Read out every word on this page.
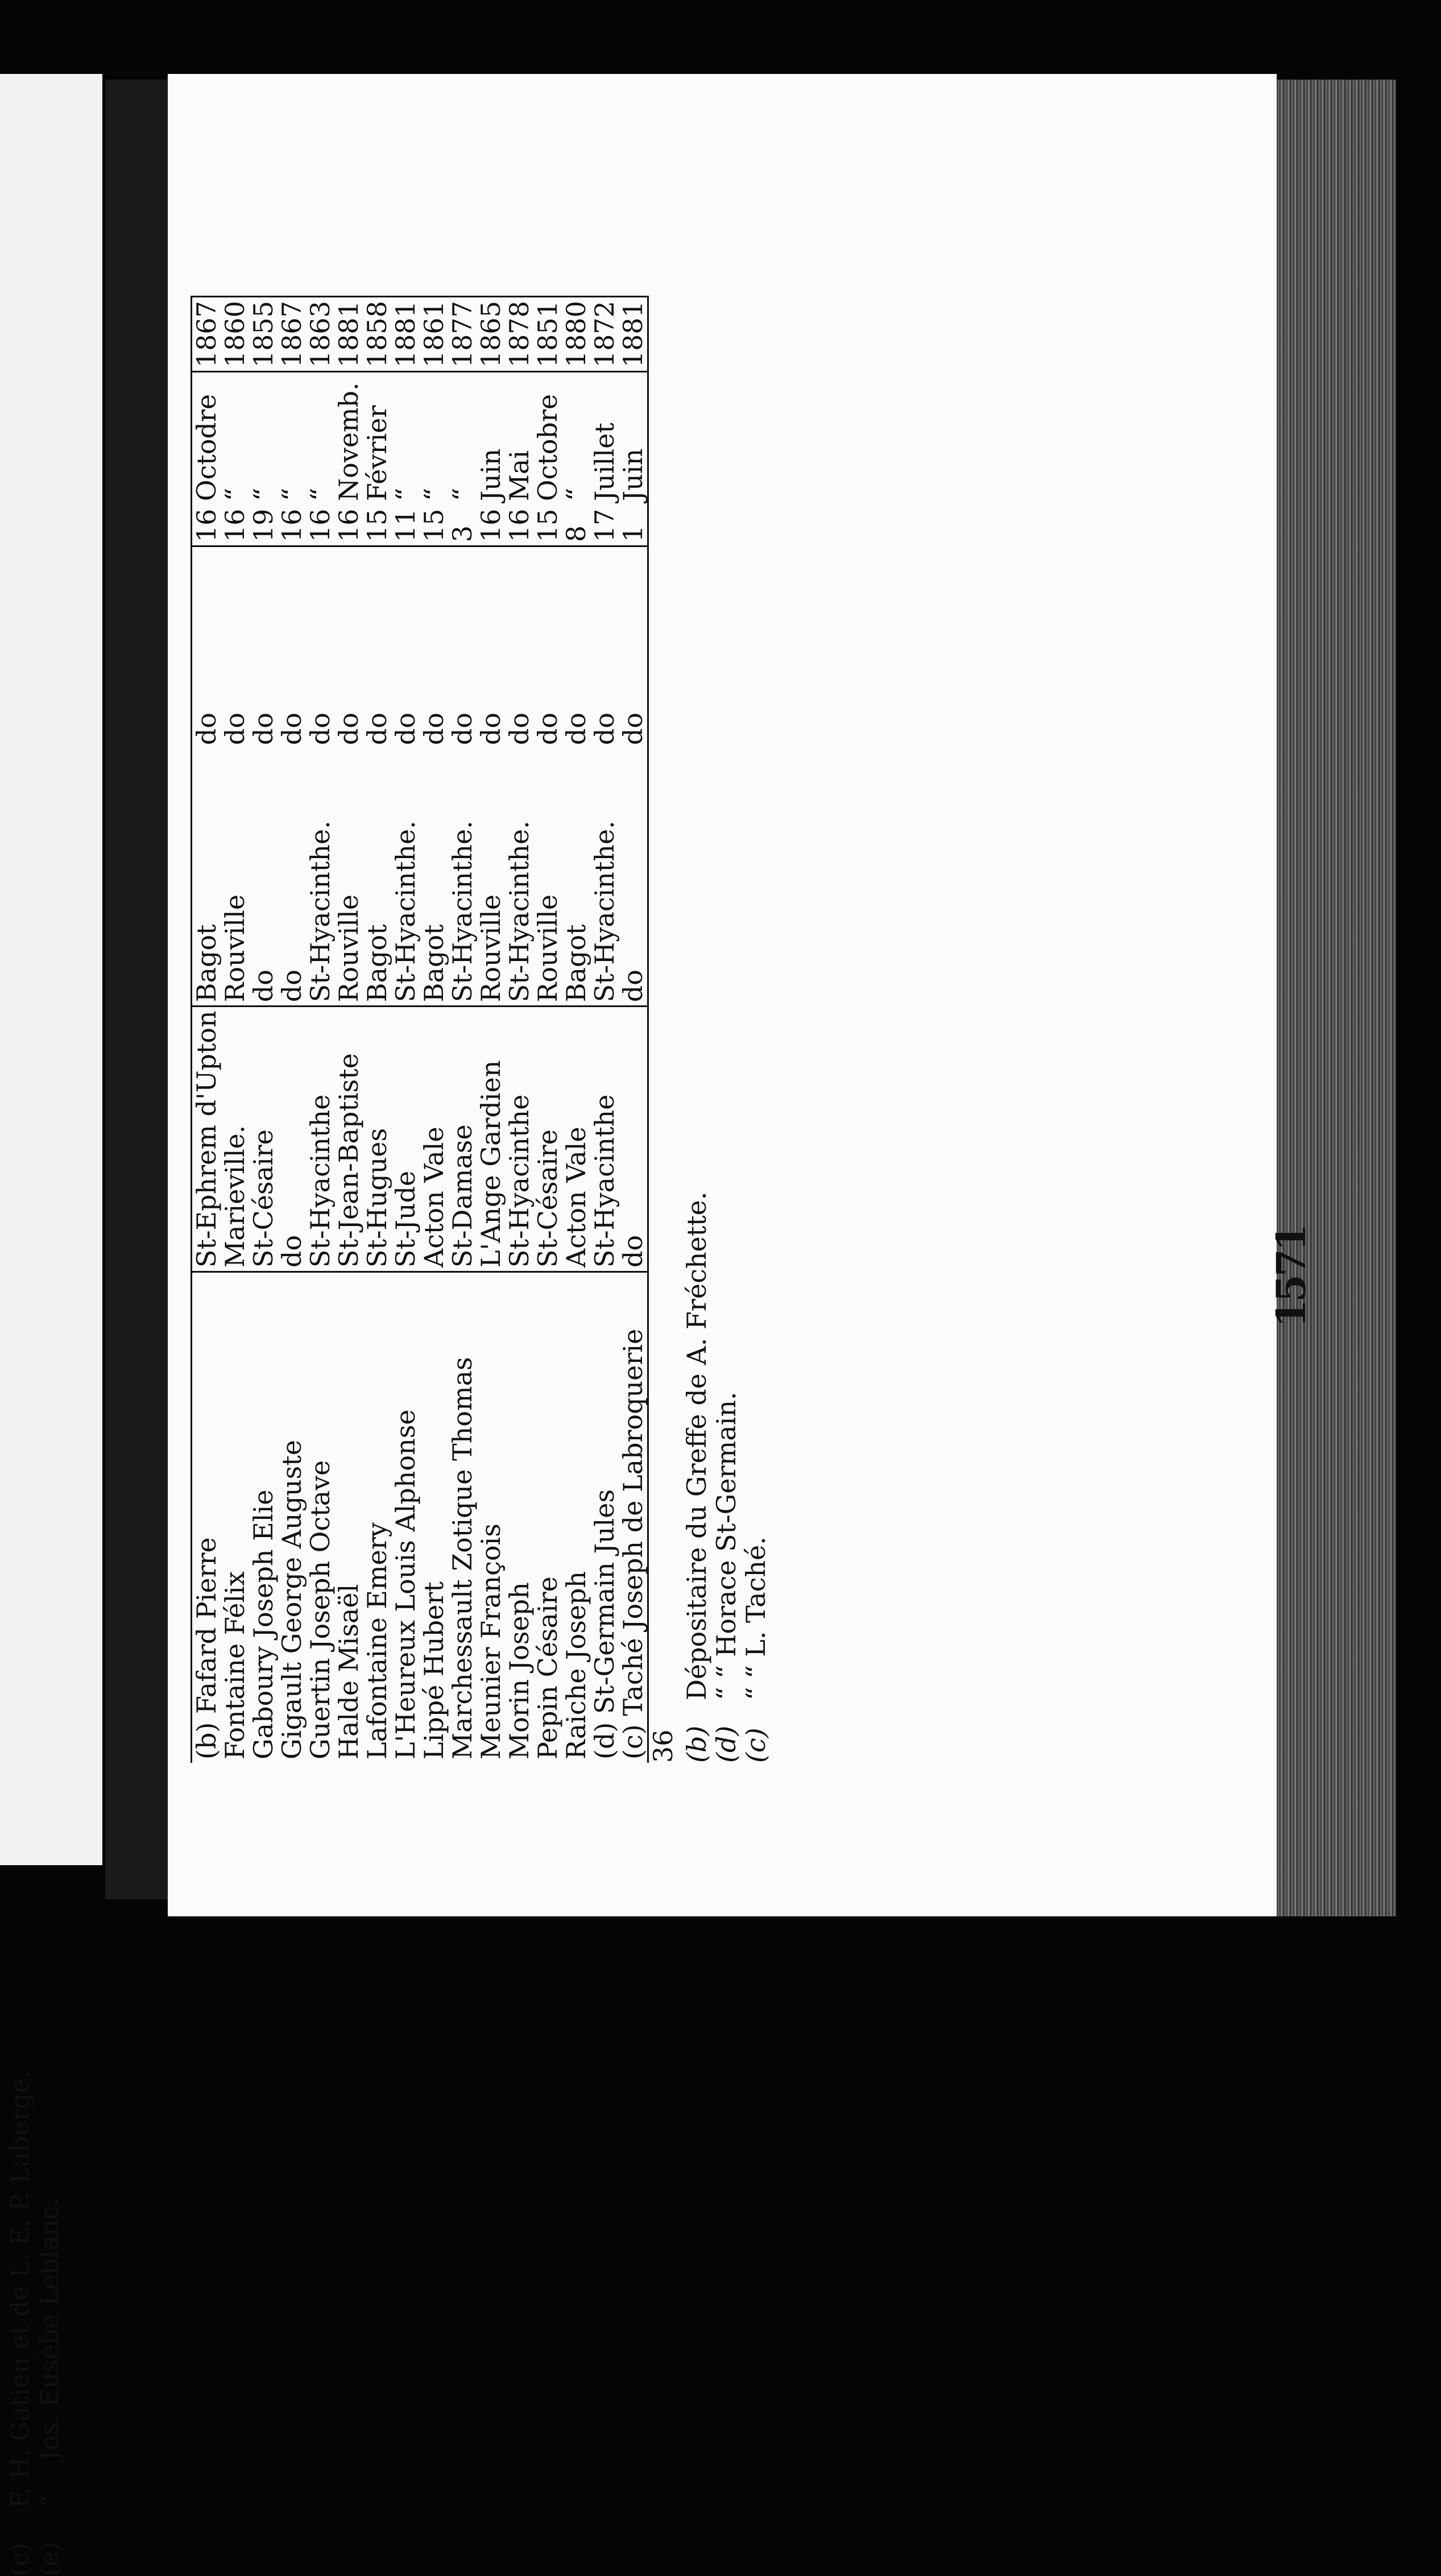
(c)
F. H. Gatien et de L. E. P. Laberge.
(e)
“
Jos. Eusèbe Leblanc.
1571
(b) Fafard Pierre	St-Ephrem d'Upton	Bagot	do		16	Octodre	1867
Fontaine Félix	Marieville.	Rouville	do		16	“	1860
Gaboury Joseph Elie	St-Césaire	do	do		19	“	1855
Gigault George Auguste	do	do	do		16	“	1867
Guertin Joseph Octave	St-Hyacinthe	St-Hyacinthe.	do		16	“	1863
Halde Misaël	St-Jean-Baptiste	Rouville	do		16	Novemb.	1881
Lafontaine Emery	St-Hugues	Bagot	do		15	Février	1858
L'Heureux Louis Alphonse	St-Jude	St-Hyacinthe.	do		11	“	1881
Lippé Hubert	Acton Vale	Bagot	do		15	“	1861
Marchessault Zotique Thomas	St-Damase	St-Hyacinthe.	do		3	“	1877
Meunier François	L'Ange Gardien	Rouville	do		16	Juin	1865
Morin Joseph	St-Hyacinthe	St-Hyacinthe.	do		16	Mai	1878
Pepin Césaire	St-Césaire	Rouville	do		15	Octobre	1851
Raiche Joseph	Acton Vale	Bagot	do		8	“	1880
(d) St-Germain Jules	St-Hyacinthe	St-Hyacinthe.	do		17	Juillet	1872
(c) Taché Joseph de Labroquerie	do	do	do		1	Juin	1881
36 (b)
Dépositaire du Greffe de A. Fréchette.
(d)
“ “ Horace St-Germain.
(c)
“ “ L. Taché.
